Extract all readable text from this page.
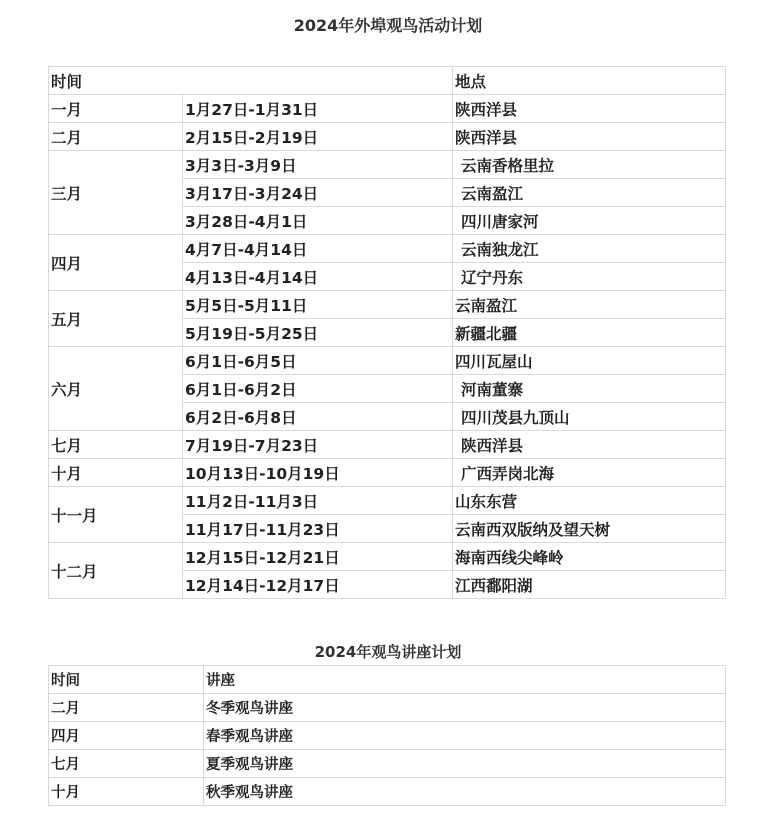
2024年外埠观鸟活动计划
时间		地点
一月	1月27日-1月31日	陕西洋县
二月	2月15日-2月19日	陕西洋县
三月	3月3日-3月9日	云南香格里拉
	3月17日-3月24日	云南盈江
	3月28日-4月1日	四川唐家河
四月	4月7日-4月14日	云南独龙江
	4月13日-4月14日	辽宁丹东
五月	5月5日-5月11日	云南盈江
	5月19日-5月25日	新疆北疆
六月	6月1日-6月5日	四川瓦屋山
	6月1日-6月2日	河南董寨
	6月2日-6月8日	四川茂县九顶山
七月	7月19日-7月23日	陕西洋县
十月	10月13日-10月19日	广西弄岗北海
十一月	11月2日-11月3日	山东东营
	11月17日-11月23日	云南西双版纳及望天树
十二月	12月15日-12月21日	海南西线尖峰岭
	12月14日-12月17日	江西鄱阳湖
2024年观鸟讲座计划
时间	讲座
二月	冬季观鸟讲座
四月	春季观鸟讲座
七月	夏季观鸟讲座
十月	秋季观鸟讲座
